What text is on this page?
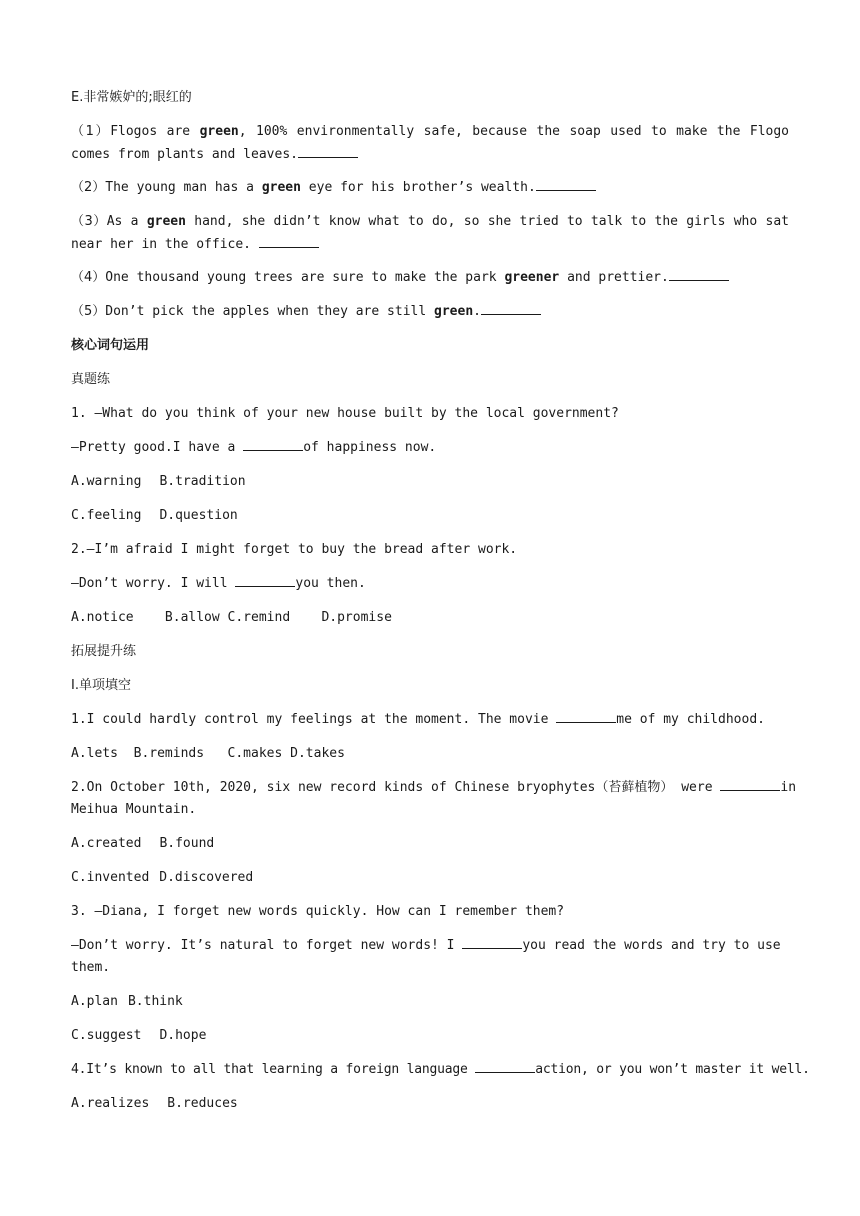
E.非常嫉妒的;眼红的
（1）Flogos are green, 100% environmentally safe, because the soap used to make the Flogo comes from plants and leaves.
（2）The young man has a green eye for his brother’s wealth.
（3）As a green hand, she didn’t know what to do, so she tried to talk to the girls who sat near her in the office.
（4）One thousand young trees are sure to make the park greener and prettier.
（5）Don’t pick the apples when they are still green.
核心词句运用
真题练
1. —What do you think of your new house built by the local government?
—Pretty good.I have a	of happiness now.
A.warning B.tradition
C.feeling D.question
2.—I’m afraid I might forget to buy the bread after work.
—Don’t worry. I will	you then.
A.notice    B.allow C.remind    D.promise
拓展提升练
Ⅰ.单项填空
1.I could hardly control my feelings at the moment. The movie	me of my childhood.
A.lets  B.reminds   C.makes D.takes
2.On October 10th, 2020, six new record kinds of Chinese bryophytes（苔藓植物） were	in
Meihua Mountain.
A.created B.found
C.invented D.discovered
3. —Diana, I forget new words quickly. How can I remember them?
—Don’t worry. It’s natural to forget new words! I	you read the words and try to use
them.
A.plan B.think
C.suggest D.hope
4.It’s known to all that learning a foreign language	action, or you won’t master it well.
A.realizes B.reduces
